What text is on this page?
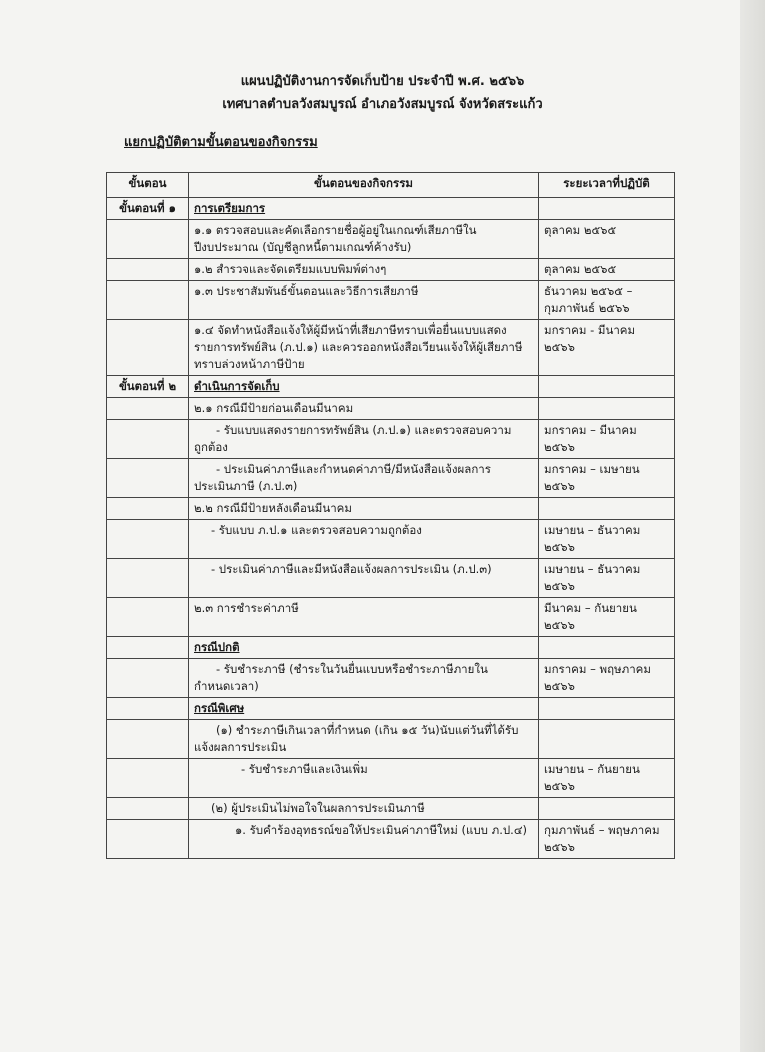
แผนปฏิบัติงานการจัดเก็บป้าย ประจำปี พ.ศ. ๒๕๖๖
เทศบาลตำบลวังสมบูรณ์ อำเภอวังสมบูรณ์ จังหวัดสระแก้ว
แยกปฏิบัติตามขั้นตอนของกิจกรรม
ขั้นตอน	ขั้นตอนของกิจกรรม	ระยะเวลาที่ปฏิบัติ
ขั้นตอนที่ ๑	การเตรียมการ	

	๑.๑ ตรวจสอบและคัดเลือกรายชื่อผู้อยู่ในเกณฑ์เสียภาษีใน
ปีงบประมาณ (บัญชีลูกหนี้ตามเกณฑ์ค้างรับ)	ตุลาคม ๒๕๖๕
	๑.๒ สำรวจและจัดเตรียมแบบพิมพ์ต่างๆ	ตุลาคม ๒๕๖๕
	๑.๓ ประชาสัมพันธ์ขั้นตอนและวิธีการเสียภาษี	ธันวาคม ๒๕๖๕ –
กุมภาพันธ์ ๒๕๖๖

	๑.๔ จัดทำหนังสือแจ้งให้ผู้มีหน้าที่เสียภาษีทราบเพื่อยื่นแบบแสดง
รายการทรัพย์สิน (ภ.ป.๑) และควรออกหนังสือเวียนแจ้งให้ผู้เสียภาษี
ทราบล่วงหน้าภาษีป้าย	มกราคม - มีนาคม
๒๕๖๖

ขั้นตอนที่ ๒	ดำเนินการจัดเก็บ	
	๒.๑ กรณีมีป้ายก่อนเดือนมีนาคม	

	- รับแบบแสดงรายการทรัพย์สิน (ภ.ป.๑) และตรวจสอบความ
ถูกต้อง	มกราคม – มีนาคม
๒๕๖๖

	- ประเมินค่าภาษีและกำหนดค่าภาษี/มีหนังสือแจ้งผลการ
ประเมินภาษี (ภ.ป.๓)	มกราคม – เมษายน
๒๕๖๖

	๒.๒ กรณีมีป้ายหลังเดือนมีนาคม	
	- รับแบบ ภ.ป.๑ และตรวจสอบความถูกต้อง	เมษายน – ธันวาคม
๒๕๖๖

	- ประเมินค่าภาษีและมีหนังสือแจ้งผลการประเมิน (ภ.ป.๓)	เมษายน – ธันวาคม
๒๕๖๖

	๒.๓ การชำระค่าภาษี	มีนาคม – กันยายน
๒๕๖๖

	กรณีปกติ	

	- รับชำระภาษี (ชำระในวันยื่นแบบหรือชำระภาษีภายใน
กำหนดเวลา)	มกราคม – พฤษภาคม
๒๕๖๖

	กรณีพิเศษ	

	(๑) ชำระภาษีเกินเวลาที่กำหนด (เกิน ๑๕ วัน)นับแต่วันที่ได้รับ
แจ้งผลการประเมิน	

	- รับชำระภาษีและเงินเพิ่ม	เมษายน – กันยายน
๒๕๖๖

	(๒) ผู้ประเมินไม่พอใจในผลการประเมินภาษี	
	๑. รับคำร้องอุทธรณ์ขอให้ประเมินค่าภาษีใหม่ (แบบ ภ.ป.๔)	กุมภาพันธ์ – พฤษภาคม
๒๕๖๖
